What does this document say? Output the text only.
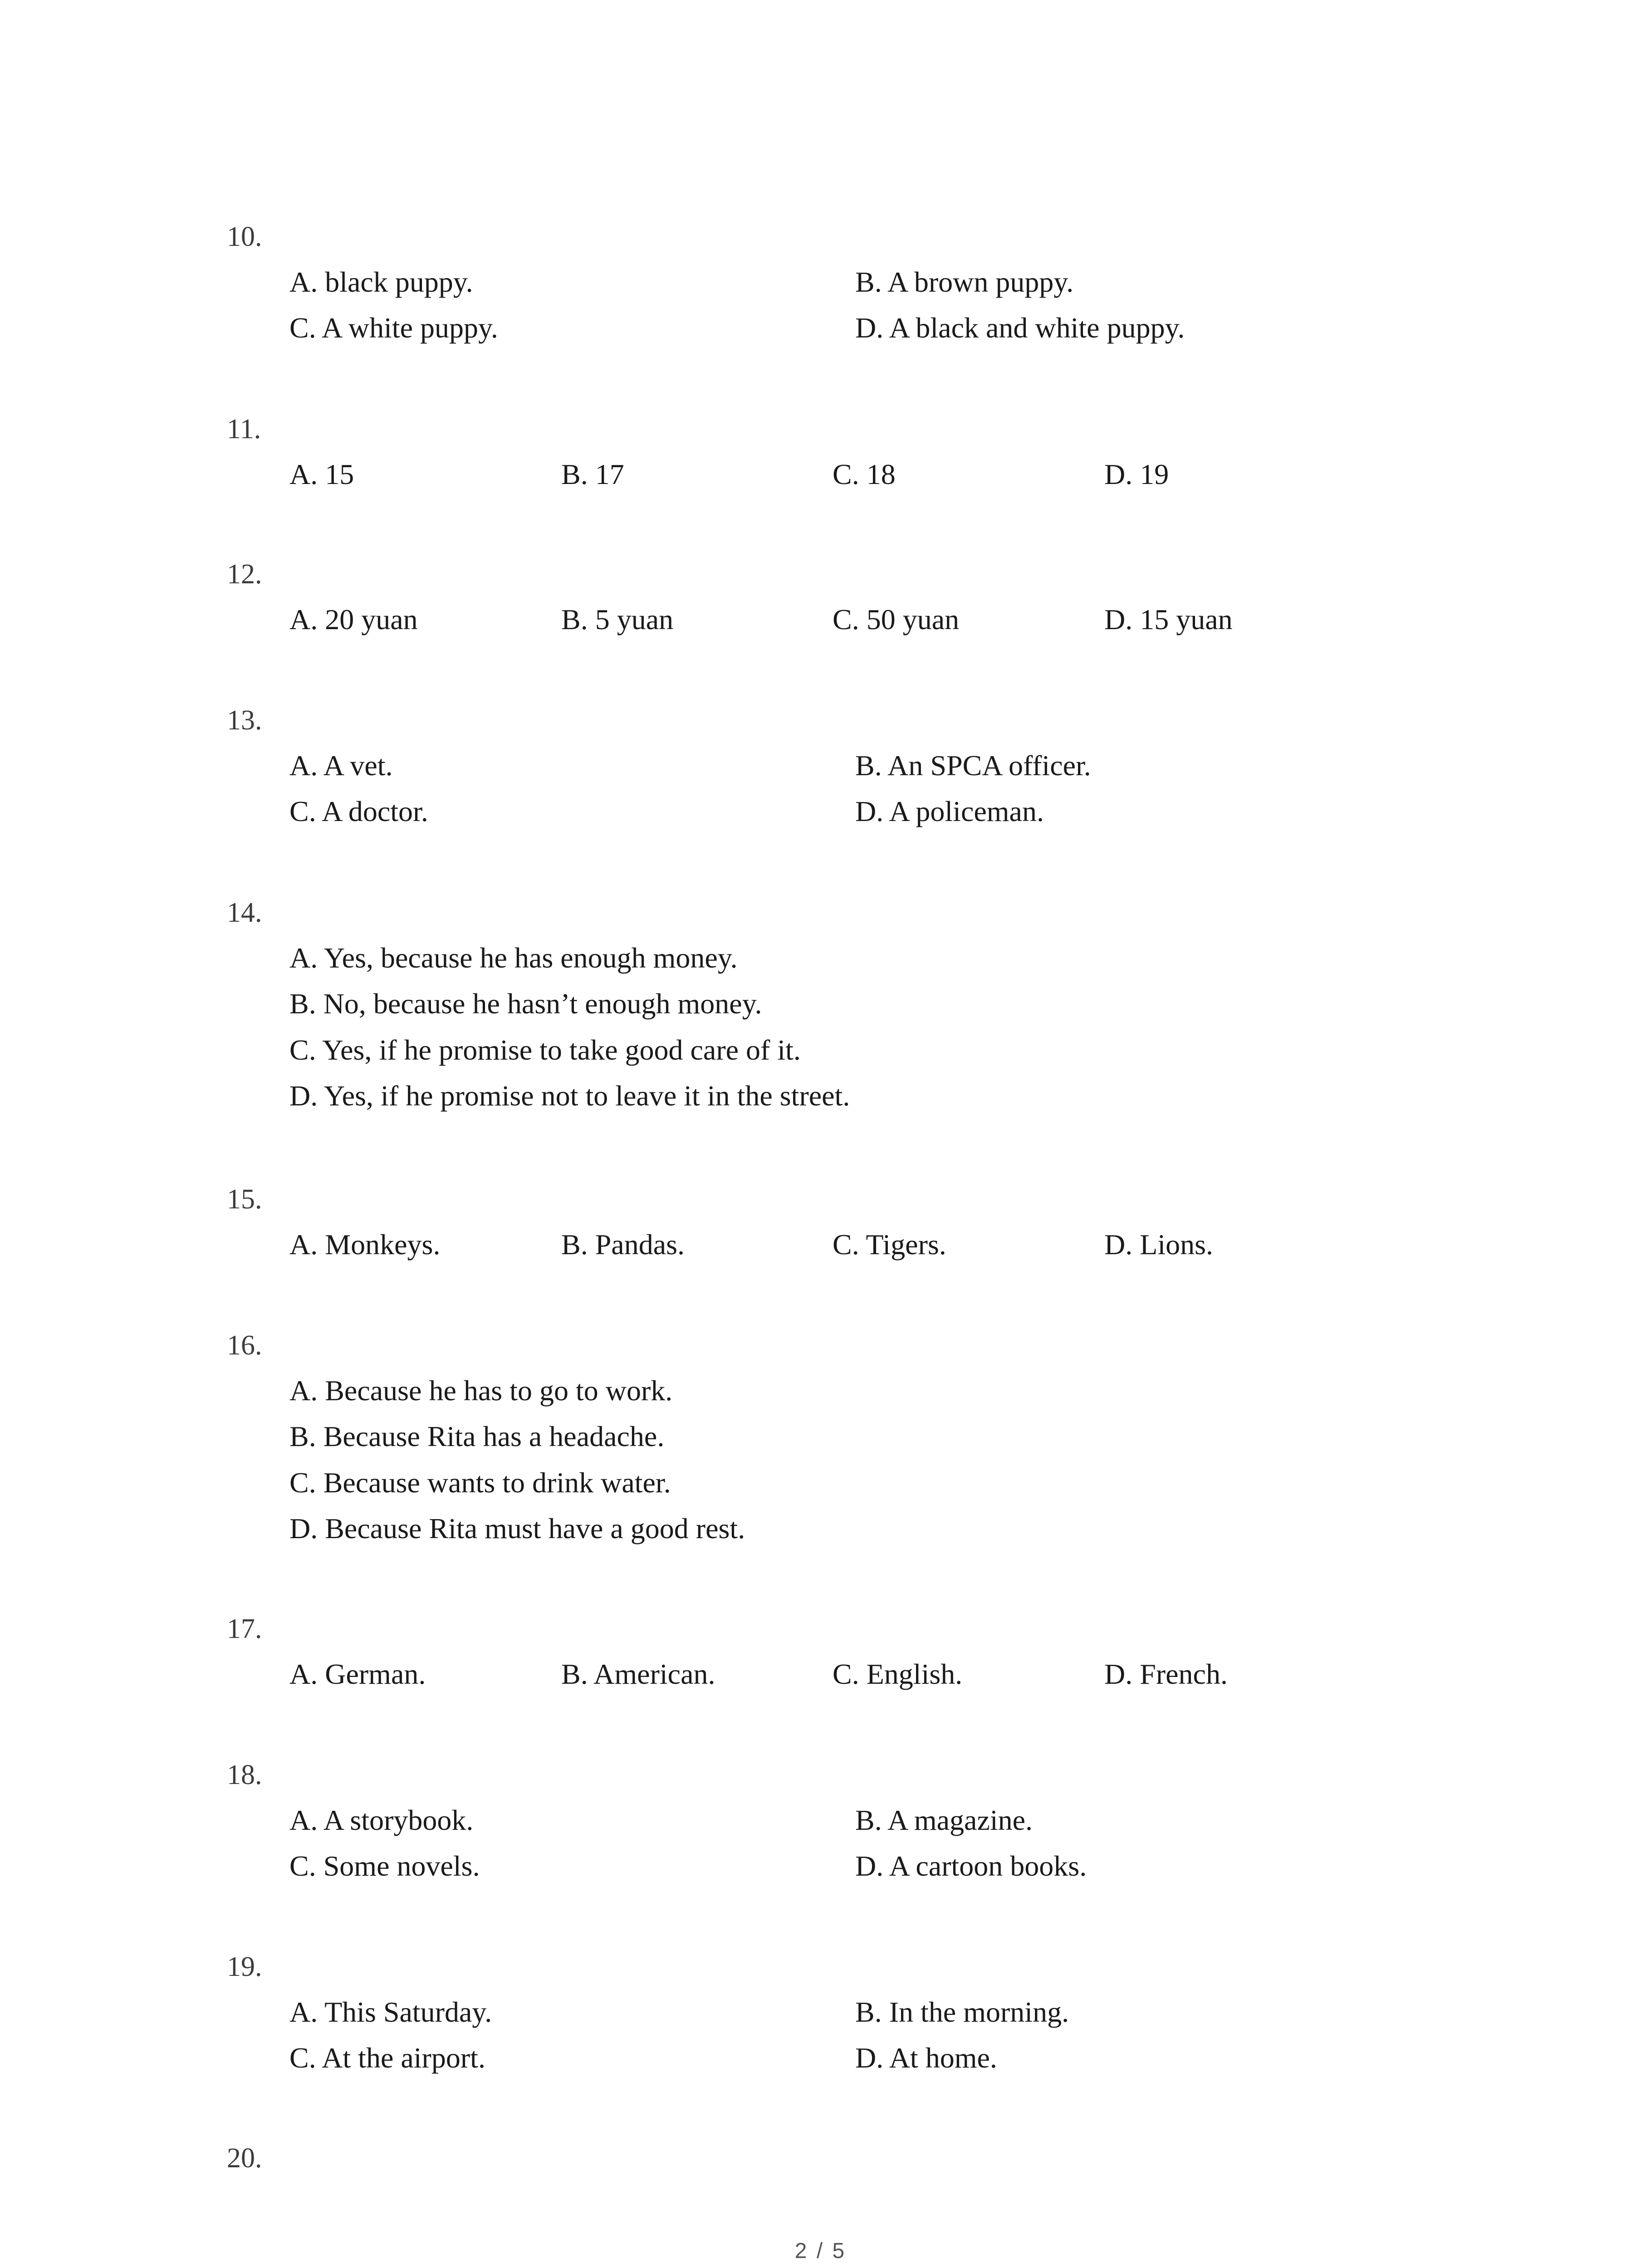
10.
A. black puppy.	B. A brown puppy.
C. A white puppy.	D. A black and white puppy.
11.
A. 15	B. 17	C. 18	D. 19
12.
A. 20 yuan	B. 5 yuan	C. 50 yuan	D. 15 yuan
13.
A. A vet.	B. An SPCA officer.
C. A doctor.	D. A policeman.
14.
A. Yes, because he has enough money.
B. No, because he hasn’t enough money.
C. Yes, if he promise to take good care of it.
D. Yes, if he promise not to leave it in the street.
15.
A. Monkeys.	B. Pandas.	C. Tigers.	D. Lions.
16.
A. Because he has to go to work.
B. Because Rita has a headache.
C. Because wants to drink water.
D. Because Rita must have a good rest.
17.
A. German.	B. American.	C. English.	D. French.
18.
A. A storybook.	B. A magazine.
C. Some novels.	D. A cartoon books.
19.
A. This Saturday.	B. In the morning.
C. At the airport.	D. At home.
20.
2 / 5
